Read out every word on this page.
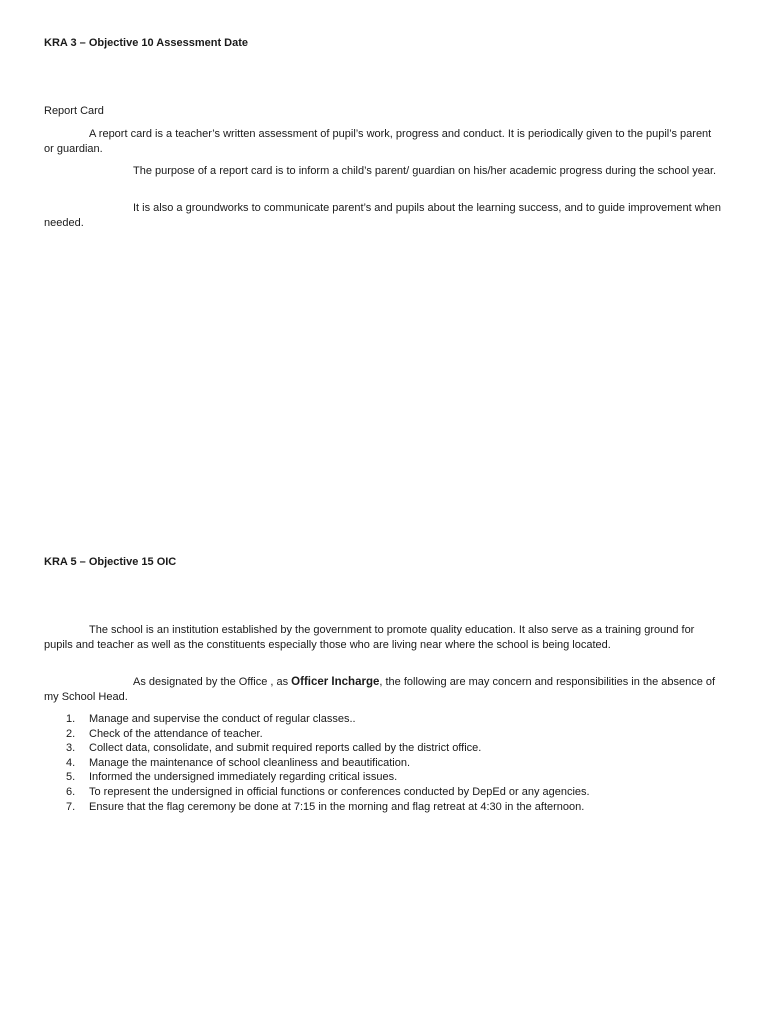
KRA 3 – Objective 10 Assessment Date
Report Card
A report card is a teacher’s written assessment of pupil’s work, progress and conduct. It is periodically given to the pupil’s parent or guardian.
The purpose of a report card is to inform a child’s parent/ guardian on his/her academic progress during the school year.
It is also a groundworks to communicate parent’s and pupils about the learning success, and to guide improvement when needed.
KRA 5 – Objective 15 OIC
The school is an institution established by the government to promote quality education. It also serve as a training ground for pupils and teacher as well as the constituents especially those who are living near where the school is being located.
As designated by the Office , as Officer Incharge, the following are may concern and responsibilities in the absence of my School Head.
1. Manage and supervise the conduct of regular classes..
2. Check of the attendance of teacher.
3. Collect data, consolidate, and submit required reports called by the district office.
4. Manage the maintenance of school cleanliness and beautification.
5. Informed the undersigned immediately regarding critical issues.
6. To represent the undersigned in official functions or conferences conducted by DepEd or any agencies.
7. Ensure that the flag ceremony be done at 7:15 in the morning and flag retreat at 4:30 in the afternoon.
